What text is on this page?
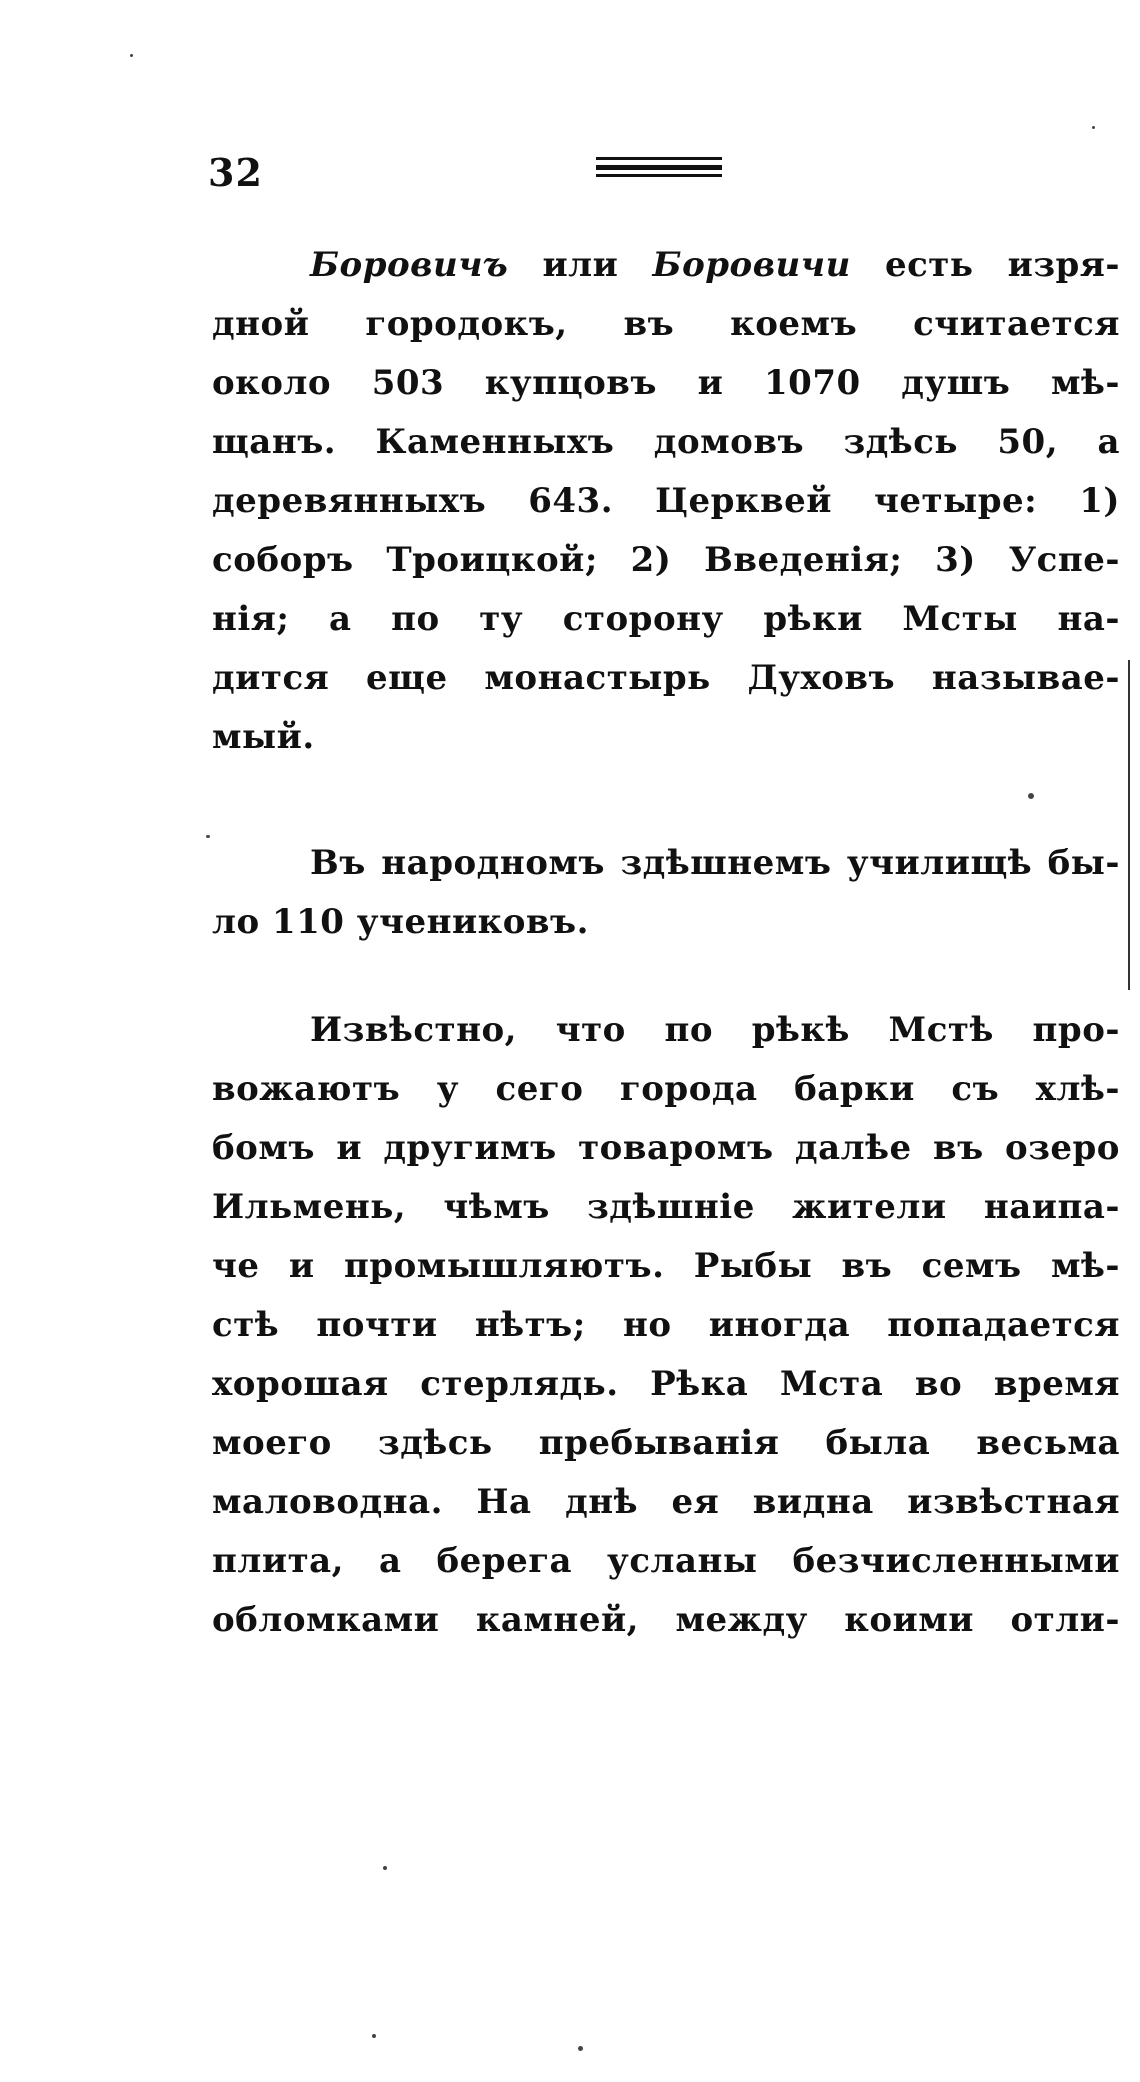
32
Боровичъ или Боровичи есть изря-
дной городокъ, въ коемъ считается
около 503 купцовъ и 1070 душъ мѣ-
щанъ. Каменныхъ домовъ здѣсь 50, а
деревянныхъ 643. Церквей четыре: 1)
соборъ Троицкой; 2) Введенія; 3) Успе-
нія; а по ту сторону рѣки Мсты на-
дится еще монастырь Духовъ называе-
мый.
Въ народномъ здѣшнемъ училищѣ бы-
ло 110 учениковъ.
Извѣстно, что по рѣкѣ Мстѣ про-
вожаютъ у сего города барки съ хлѣ-
бомъ и другимъ товаромъ далѣе въ озеро
Ильмень, чѣмъ здѣшніе жители наипа-
че и промышляютъ. Рыбы въ семъ мѣ-
стѣ почти нѣтъ; но иногда попадается
хорошая стерлядь. Рѣка Мста во время
моего здѣсь пребыванія была весьма
маловодна. На днѣ ея видна извѣстная
плита, а берега усланы безчисленными
обломками камней, между коими отли-
